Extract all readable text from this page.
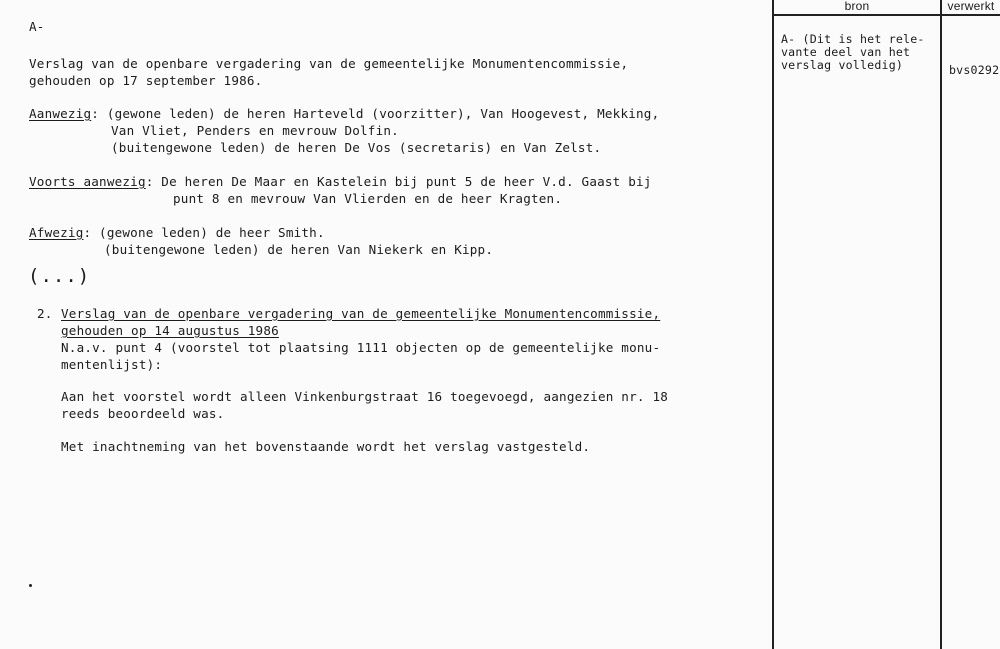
bron	verwerkt
A-
Verslag van de openbare vergadering van de gemeentelijke Monumentencommissie,
gehouden op 17 september 1986.
Aanwezig: (gewone leden) de heren Harteveld (voorzitter), Van Hoogevest, Mekking,
Van Vliet, Penders en mevrouw Dolfin.
(buitengewone leden) de heren De Vos (secretaris) en Van Zelst.
Voorts aanwezig: De heren De Maar en Kastelein bij punt 5 de heer V.d. Gaast bij
punt 8 en mevrouw Van Vlierden en de heer Kragten.
Afwezig: (gewone leden) de heer Smith.
(buitengewone leden) de heren Van Niekerk en Kipp.
(...)
2. Verslag van de openbare vergadering van de gemeentelijke Monumentencommissie,
gehouden op 14 augustus 1986
N.a.v. punt 4 (voorstel tot plaatsing 1111 objecten op de gemeentelijke monu-
mentenlijst):
Aan het voorstel wordt alleen Vinkenburgstraat 16 toegevoegd, aangezien nr. 18
reeds beoordeeld was.
Met inachtneming van het bovenstaande wordt het verslag vastgesteld.
A- (Dit is het rele-
vante deel van het
verslag volledig)	bvs0292
